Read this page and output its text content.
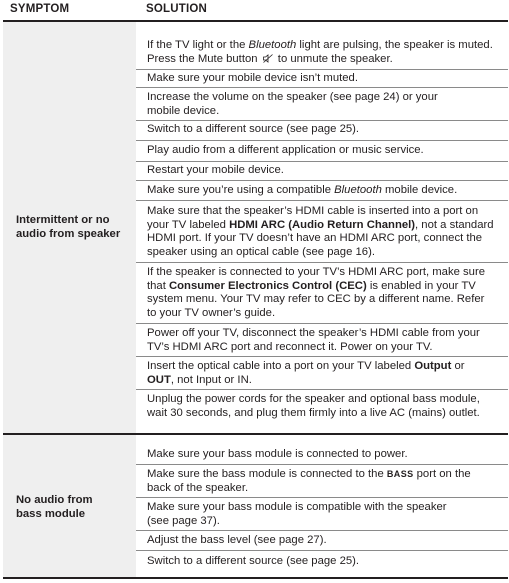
SYMPTOM	SOLUTION
Intermittent or no
audio from speaker
If the TV light or the Bluetooth light are pulsing, the speaker is muted. Press the Mute button  to unmute the speaker.
Make sure your mobile device isn’t muted.
Increase the volume on the speaker (see page 24) or your mobile device.
Switch to a different source (see page 25).
Play audio from a different application or music service.
Restart your mobile device.
Make sure you’re using a compatible Bluetooth mobile device.
Make sure that the speaker’s HDMI cable is inserted into a port on your TV labeled HDMI ARC (Audio Return Channel), not a standard HDMI port. If your TV doesn’t have an HDMI ARC port, connect the speaker using an optical cable (see page 16).
If the speaker is connected to your TV’s HDMI ARC port, make sure that Consumer Electronics Control (CEC) is enabled in your TV system menu. Your TV may refer to CEC by a different name. Refer to your TV owner’s guide.
Power off your TV, disconnect the speaker’s HDMI cable from your TV’s HDMI ARC port and reconnect it. Power on your TV.
Insert the optical cable into a port on your TV labeled Output or OUT, not Input or IN.
Unplug the power cords for the speaker and optional bass module, wait 30 seconds, and plug them firmly into a live AC (mains) outlet.
No audio from
bass module
Make sure your bass module is connected to power.
Make sure the bass module is connected to the BASS port on the back of the speaker.
Make sure your bass module is compatible with the speaker (see page 37).
Adjust the bass level (see page 27).
Switch to a different source (see page 25).
